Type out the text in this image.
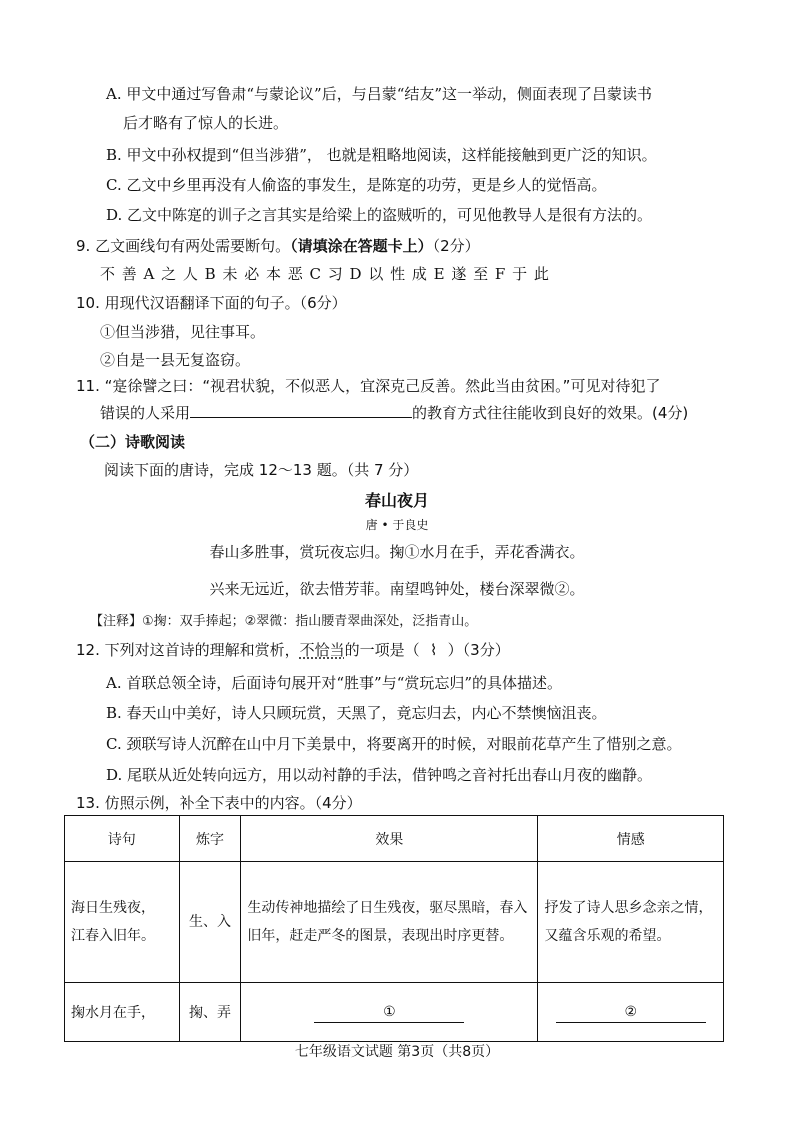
A. 甲文中通过写鲁肃“与蒙论议”后，与吕蒙“结友”这一举动，侧面表现了吕蒙读书
后才略有了惊人的长进。
B. 甲文中孙权提到“但当涉猎”， 也就是粗略地阅读，这样能接触到更广泛的知识。
C. 乙文中乡里再没有人偷盗的事发生，是陈寔的功劳，更是乡人的觉悟高。
D. 乙文中陈寔的训子之言其实是给梁上的盗贼听的，可见他教导人是很有方法的。
9. 乙文画线句有两处需要断句。（请填涂在答题卡上）（2分）
不 善 A 之 人 B 未 必 本 恶 C 习 D 以 性 成 E 遂 至 F 于 此
10. 用现代汉语翻译下面的句子。（6分）
①但当涉猎，见往事耳。
②自是一县无复盗窃。
11. “寔徐譬之曰：“视君状貌，不似恶人，宜深克己反善。然此当由贫困。”可见对待犯了
错误的人采用	的教育方式往往能收到良好的效果。(4分)
（二）诗歌阅读
阅读下面的唐诗，完成 12～13 题。（共 7 分）
春山夜月
唐 • 于良史
春山多胜事，赏玩夜忘归。掬①水月在手，弄花香满衣。
兴来无远近，欲去惜芳菲。南望鸣钟处，楼台深翠微②。
【注释】①掬：双手捧起；②翠微：指山腰青翠曲深处，泛指青山。
12. 下列对这首诗的理解和赏析，不恰当的一项是（ ⌇ ）（3分）
A. 首联总领全诗，后面诗句展开对“胜事”与“赏玩忘归”的具体描述。
B. 春天山中美好，诗人只顾玩赏，天黑了，竟忘归去，内心不禁懊恼沮丧。
C. 颈联写诗人沉醉在山中月下美景中，将要离开的时候，对眼前花草产生了惜别之意。
D. 尾联从近处转向远方，用以动衬静的手法，借钟鸣之音衬托出春山月夜的幽静。
13. 仿照示例，补全下表中的内容。（4分）
诗句	炼字	效果	情感

海日生残夜，
江春入旧年。	生、入	生动传神地描绘了日生残夜，驱尽黑暗，春入旧年，赶走严冬的图景，表现出时序更替。	抒发了诗人思乡念亲之情，又蕴含乐观的希望。
掬水月在手，	掬、弄	①	②
七年级语文试题 第3页（共8页）
